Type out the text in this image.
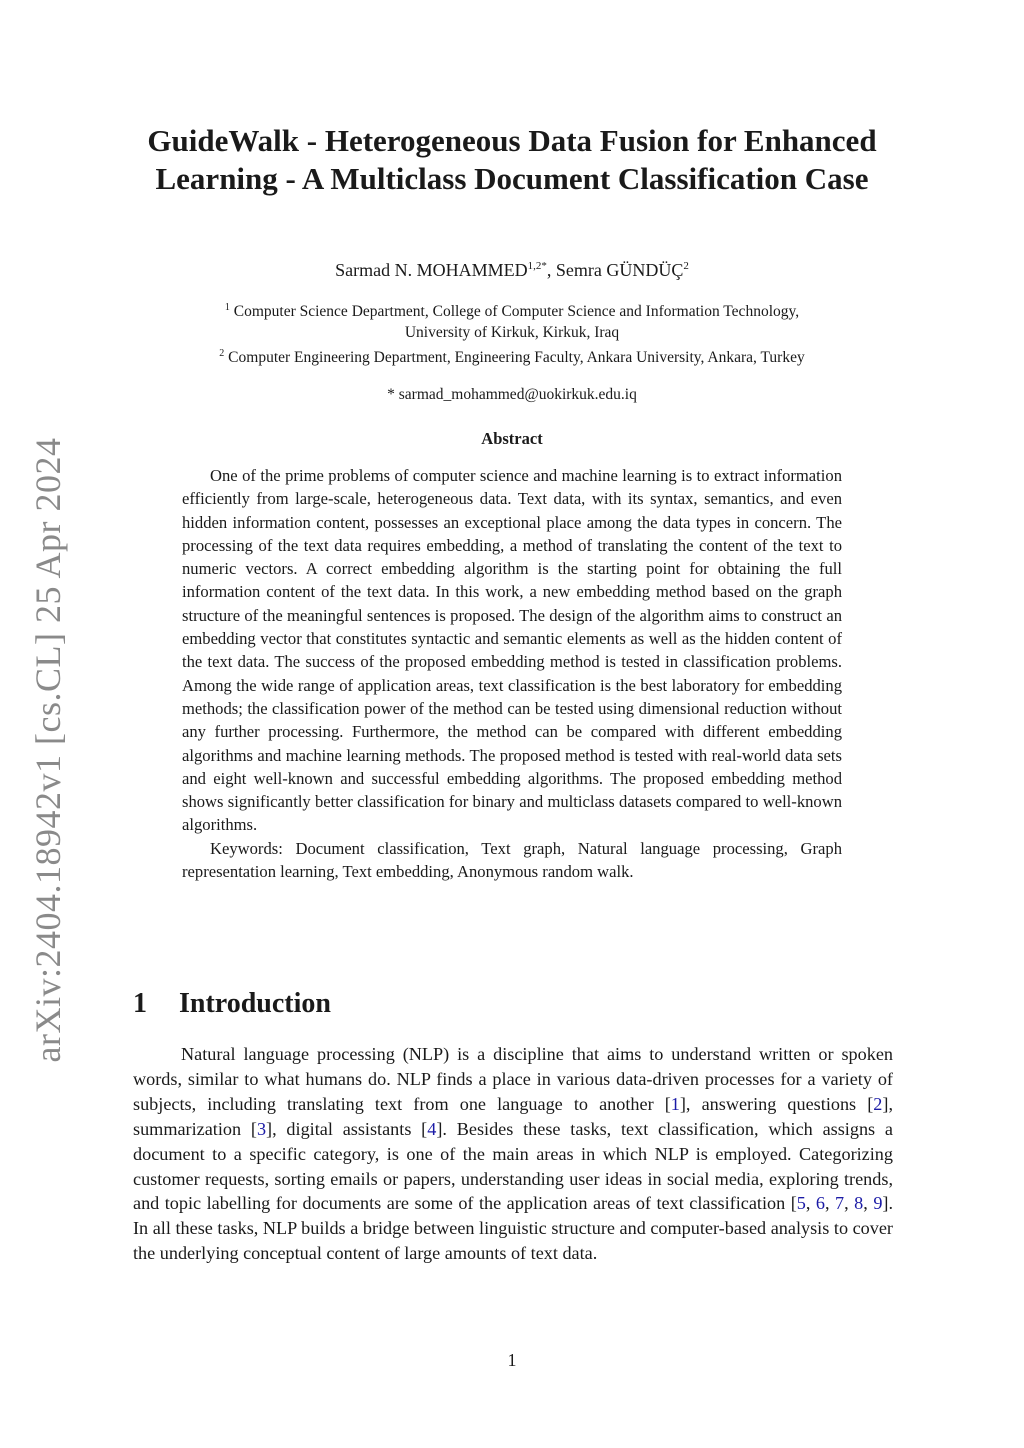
arXiv:2404.18942v1 [cs.CL] 25 Apr 2024
GuideWalk - Heterogeneous Data Fusion for Enhanced Learning - A Multiclass Document Classification Case
Sarmad N. $MOHAMMED^{1,2*}$, Semra GÜNDÜÇ$^2$
$^1$ Computer Science Department, College of Computer Science and Information Technology,
University of Kirkuk, Kirkuk, Iraq
$^2$ Computer Engineering Department, Engineering Faculty, Ankara University, Ankara, Turkey
* sarmad_mohammed@uokirkuk.edu.iq
Abstract

One of the prime problems of computer science and machine learning is to extract information efficiently from large-scale, heterogeneous data. Text data, with its syntax, semantics, and even hidden information content, possesses an exceptional place among the data types in concern. The processing of the text data requires embedding, a method of translating the content of the text to numeric vectors. A correct embedding algorithm is the starting point for obtaining the full information content of the text data. In this work, a new embedding method based on the graph structure of the meaningful sentences is proposed. The design of the algorithm aims to construct an embedding vector that constitutes syntactic and semantic elements as well as the hidden content of the text data. The success of the proposed embedding method is tested in classification problems. Among the wide range of application areas, text classification is the best laboratory for embedding methods; the classification power of the method can be tested using dimensional reduction without any further processing. Furthermore, the method can be compared with different embedding algorithms and machine learning methods. The proposed method is tested with real-world data sets and eight well-known and successful embedding algorithms. The proposed embedding method shows significantly better classification for binary and multiclass datasets compared to well-known algorithms.

Keywords: Document classification, Text graph, Natural language processing, Graph representation learning, Text embedding, Anonymous random walk.

1 Introduction

Natural language processing (NLP) is a discipline that aims to understand written or spoken words, similar to what humans do. NLP finds a place in various data-driven processes for a variety of subjects, including translating text from one language to another [1], answering questions [2], summarization [3], digital assistants [4]. Besides these tasks, text classification, which assigns a document to a specific category, is one of the main areas in which NLP is employed. Categorizing customer requests, sorting emails or papers, understanding user ideas in social media, exploring trends, and topic labelling for documents are some of the application areas of text classification [5, 6, 7, 8, 9]. In all these tasks, NLP builds a bridge between linguistic structure and computer-based analysis to cover the underlying conceptual content of large amounts of text data.

1
